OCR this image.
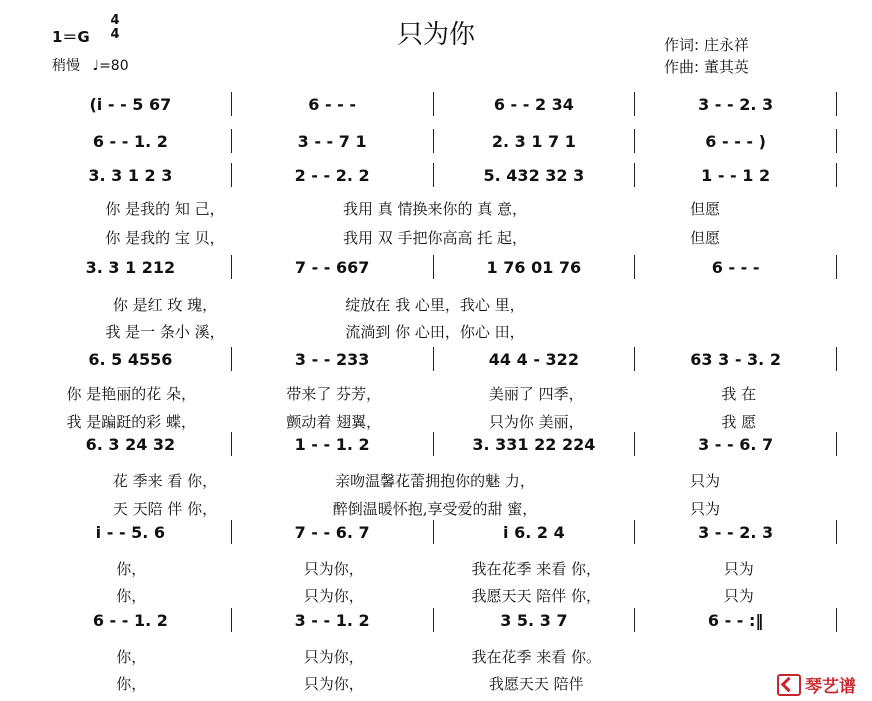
只为你
1＝G
4
4
稍慢 ♩=80
作词: 庄永祥
作曲: 董其英
(i - - 5 67	6 - - -	6 - - 2 34	3 - - 2. 3
6 - - 1. 2	3 - - 7 1	2. 3 1 7 1	6 - - - )
3. 3 1 2 3	2 - - 2. 2	5. 432 32 3	1 - - 1 2
你 是我的 知 己，	我用 真 情换来你的 真 意，	但愿
你 是我的 宝 贝，	我用 双 手把你高高 托 起，	但愿
3. 3 1 212	7 - - 667	1 76 01 76	6 - - -
你 是红 玫 瑰，	绽放在 我 心里，我心 里，
我 是一 条小 溪，	流淌到 你 心田，你心 田，
6. 5 4556	3 - - 233	44 4 - 322	63 3 - 3. 2
你 是艳丽的花 朵，	带来了 芬芳，	美丽了 四季，	我 在
我 是蹁跹的彩 蝶，	颤动着 翅翼，	只为你 美丽，	我 愿
6. 3 24 32	1 - - 1. 2	3. 331 22 224	3 - - 6. 7
花 季来 看 你，	亲吻温馨花蕾拥抱你的魅 力，	只为
天 天陪 伴 你，	醉倒温暖怀抱,享受爱的甜 蜜，	只为
i - - 5. 6	7 - - 6. 7	i 6. 2 4	3 - - 2. 3
你，	只为你，	我在花季 来看 你，	只为
你，	只为你，	我愿天天 陪伴 你，	只为
6 - - 1. 2	3 - - 1. 2	3 5. 3 7	6 - - :‖
你，	只为你，	我在花季 来看 你。
你，	只为你，	我愿天天 陪伴	琴艺谱
